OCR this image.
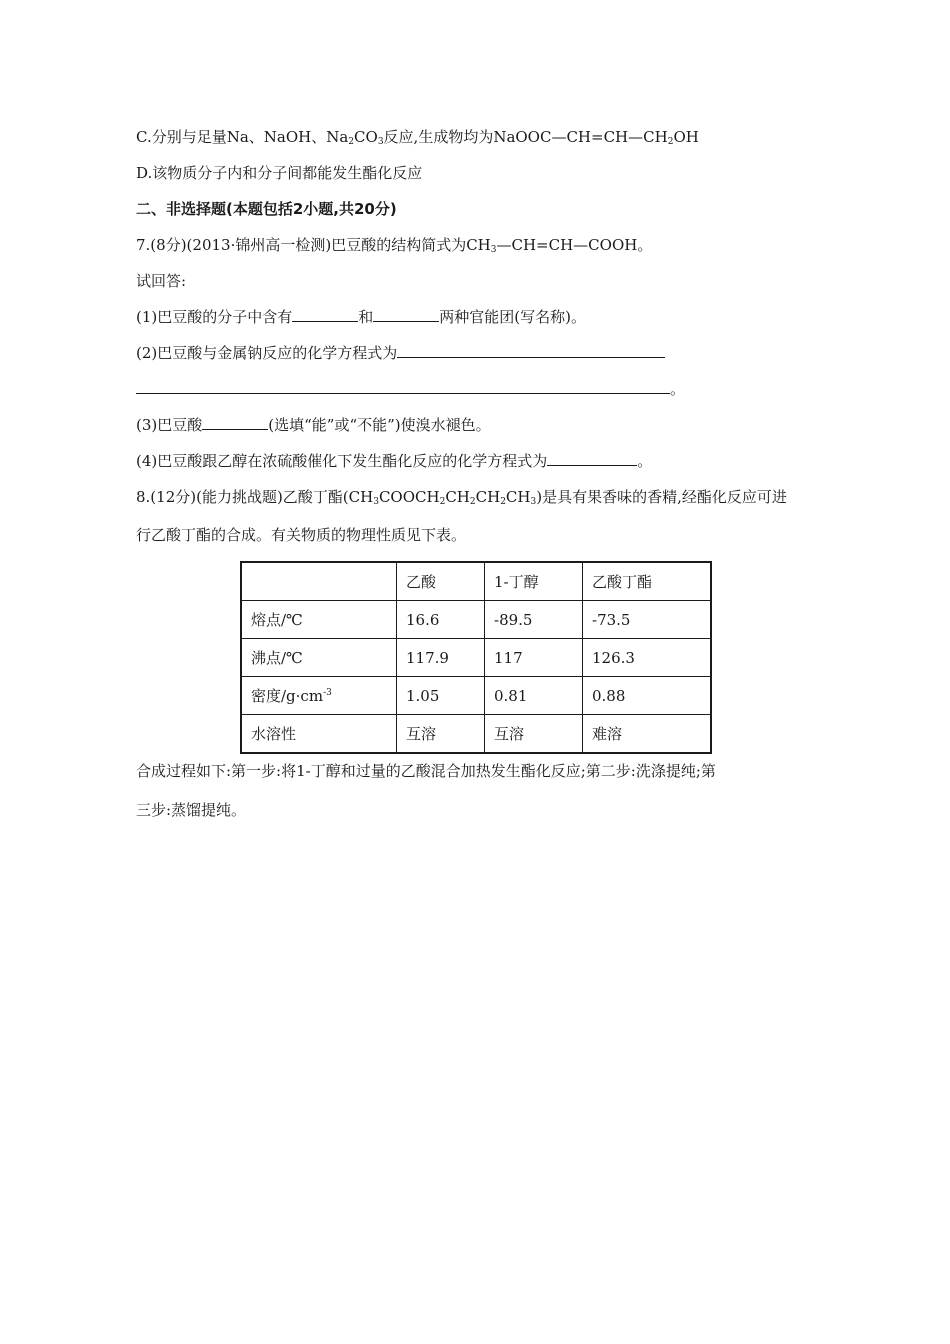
C.分别与足量Na、NaOH、$Na_2CO_3$反应,生成物均为$NaOOC—CH=CH—CH_2OH$
D.该物质分子内和分子间都能发生酯化反应
二、非选择题(本题包括2小题,共20分)
7.(8分)(2013·锦州高一检测)巴豆酸的结构简式为$CH_3—CH=CH—COOH$。
试回答:
(1)巴豆酸的分子中含有	和	两种官能团(写名称)。
(2)巴豆酸与金属钠反应的化学方程式为
。
(3)巴豆酸	(选填“能”或“不能”)使溴水褪色。
(4)巴豆酸跟乙醇在浓硫酸催化下发生酯化反应的化学方程式为	。
8.(12分)(能力挑战题)乙酸丁酯$(CH_3COOCH_2CH_2CH_2CH_3)$是具有果香味的香精,经酯化反应可进
行乙酸丁酯的合成。有关物质的物理性质见下表。
	乙酸	1-丁醇	乙酸丁酯
熔点/℃	16.6	-89.5	-73.5
沸点/℃	117.9	117	126.3
密度$/g\cdot cm^{-3}$	1.05	0.81	0.88
水溶性	互溶	互溶	难溶
合成过程如下:第一步:将1-丁醇和过量的乙酸混合加热发生酯化反应;第二步:洗涤提纯;第
三步:蒸馏提纯。
